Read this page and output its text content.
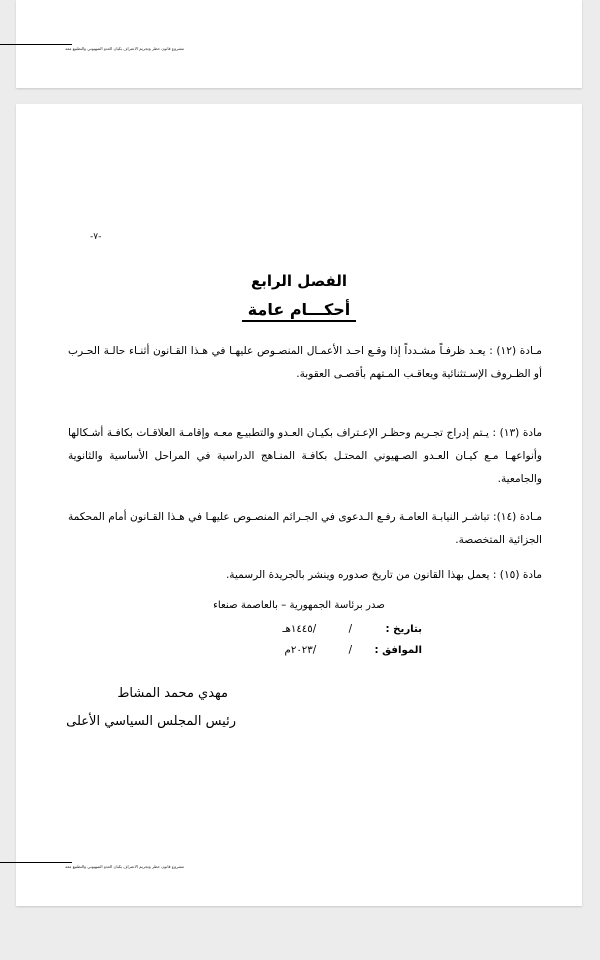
مشروع قانون حظر وتجريم الاعتراف بكيان العدو الصهيوني والتطبيع معه
-٧-
الفصل الرابع
أحكـــام عامة
مـادة (١٢) : يعـد ظرفـاً مشـدداً إذا وقـع احـد الأعمـال المنصـوص عليهـا في هـذا القـانون أثنـاء حالـة الحـرب أو الظـروف الإسـتثنائية ويعاقـب المـتهم بأقصـى العقوبة.
مادة (١٣) : يـتم إدراج تجـريم وحظـر الإعـتراف بكيـان العـدو والتطبيـع معـه وإقامـة العلاقـات بكافـة أشـكالها وأنواعهـا مـع كيـان العـدو الصـهيوني المحتـل بكافـة المنـاهج الدراسية في المراحل الأساسية والثانوية والجامعية.
مـادة (١٤): تباشـر النيابـة العامـة رفـع الـدعوى في الجـرائم المنصـوص عليهـا في هـذا القـانون أمام المحكمة الجزائية المتخصصة.
مادة (١٥) : يعمل بهذا القانون من تاريخ صدوره وينشر بالجريدة الرسمية.
صدر برئاسة الجمهورية – بالعاصمة صنعاء
بتاريخ :
/          /١٤٤٥هـ
الموافق :
/          /٢٠٢٣م
مهدي محمد المشاط
رئيس المجلس السياسي الأعلى
مشروع قانون حظر وتجريم الاعتراف بكيان العدو الصهيوني والتطبيع معه
